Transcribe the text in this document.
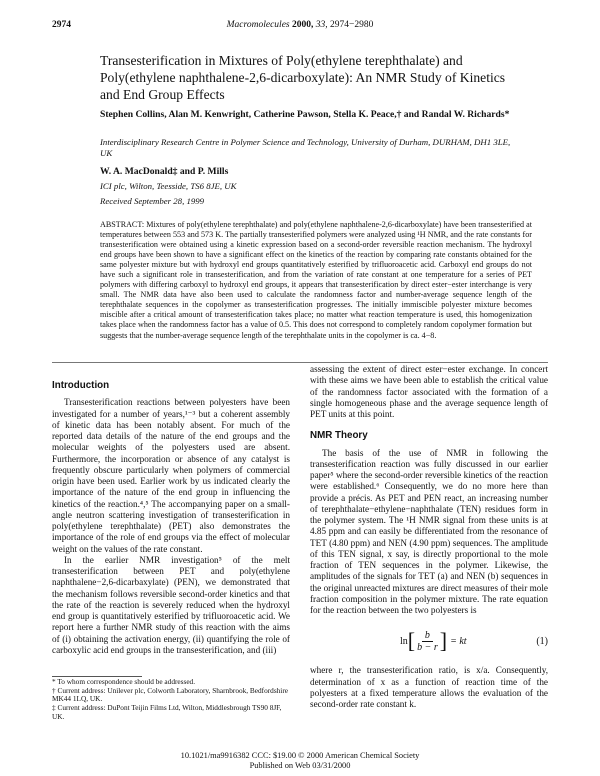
2974	Macromolecules 2000, 33, 2974−2980
Transesterification in Mixtures of Poly(ethylene terephthalate) and Poly(ethylene naphthalene-2,6-dicarboxylate): An NMR Study of Kinetics and End Group Effects
Stephen Collins, Alan M. Kenwright, Catherine Pawson, Stella K. Peace,† and Randal W. Richards*
Interdisciplinary Research Centre in Polymer Science and Technology, University of Durham, DURHAM, DH1 3LE, UK
W. A. MacDonald‡ and P. Mills
ICI plc, Wilton, Teesside, TS6 8JE, UK
Received September 28, 1999
ABSTRACT: Mixtures of poly(ethylene terephthalate) and poly(ethylene naphthalene-2,6-dicarboxylate) have been transesterified at temperatures between 553 and 573 K. The partially transesterified polymers were analyzed using ¹H NMR, and the rate constants for transesterification were obtained using a kinetic expression based on a second-order reversible reaction mechanism. The hydroxyl end groups have been shown to have a significant effect on the kinetics of the reaction by comparing rate constants obtained for the same polyester mixture but with hydroxyl end groups quantitatively esterified by trifluoroacetic acid. Carboxyl end groups do not have such a significant role in transesterification, and from the variation of rate constant at one temperature for a series of PET polymers with differing carboxyl to hydroxyl end groups, it appears that transesterification by direct ester−ester interchange is very small. The NMR data have also been used to calculate the randomness factor and number-average sequence length of the terephthalate sequences in the copolymer as transesterification progresses. The initially immiscible polyester mixture becomes miscible after a critical amount of transesterification takes place; no matter what reaction temperature is used, this homogenization takes place when the randomness factor has a value of 0.5. This does not correspond to completely random copolymer formation but suggests that the number-average sequence length of the terephthalate units in the copolymer is ca. 4−8.
Introduction

Transesterification reactions between polyesters have been investigated for a number of years,¹⁻³ but a coherent assembly of kinetic data has been notably absent. For much of the reported data details of the nature of the end groups and the molecular weights of the polyesters used are absent. Furthermore, the incorporation or absence of any catalyst is frequently obscure particularly when polymers of commercial origin have been used. Earlier work by us indicated clearly the importance of the nature of the end group in influencing the kinetics of the reaction.⁴,⁵ The accompanying paper on a small-angle neutron scattering investigation of transesterification in poly(ethylene terephthalate) (PET) also demonstrates the importance of the role of end groups via the effect of molecular weight on the values of the rate constant.

In the earlier NMR investigation⁵ of the melt transesterification between PET and poly(ethylene naphthalene−2,6-dicarbaxylate) (PEN), we demonstrated that the mechanism follows reversible second-order kinetics and that the rate of the reaction is severely reduced when the hydroxyl end group is quantitatively esterified by trifluoroacetic acid. We report here a further NMR study of this reaction with the aims of (i) obtaining the activation energy, (ii) quantifying the role of carboxylic acid end groups in the transesterification, and (iii)

* To whom correspondence should be addressed.

† Current address: Unilever plc, Colworth Laboratory, Sharnbrook, Bedfordshire MK44 1LQ, UK.

‡ Current address: DuPont Teijin Films Ltd, Wilton, Middlesbrough TS90 8JF, UK.

assessing the extent of direct ester−ester exchange. In concert with these aims we have been able to establish the critical value of the randomness factor associated with the formation of a single homogeneous phase and the average sequence length of PET units at this point.

NMR Theory

The basis of the use of NMR in following the transesterification reaction was fully discussed in our earlier paper⁵ where the second-order reversible kinetics of the reaction were established.⁶ Consequently, we do no more here than provide a précis. As PET and PEN react, an increasing number of terephthalate−ethylene−naphthalate (TEN) residues form in the polymer system. The ¹H NMR signal from these units is at 4.85 ppm and can easily be differentiated from the resonance of TET (4.80 ppm) and NEN (4.90 ppm) sequences. The amplitude of this TEN signal, x say, is directly proportional to the mole fraction of TEN sequences in the polymer. Likewise, the amplitudes of the signals for TET (a) and NEN (b) sequences in the original unreacted mixtures are direct measures of their mole fraction composition in the polymer mixture. The rate equation for the reaction between the two polyesters is

ln [ $\frac{b}{b - r}$ ] = kt	(1)

where r, the transesterification ratio, is x/a. Consequently, determination of x as a function of reaction time of the polyesters at a fixed temperature allows the evaluation of the second-order rate constant k.

10.1021/ma9916382 CCC: $19.00 © 2000 American Chemical Society
Published on Web 03/31/2000
